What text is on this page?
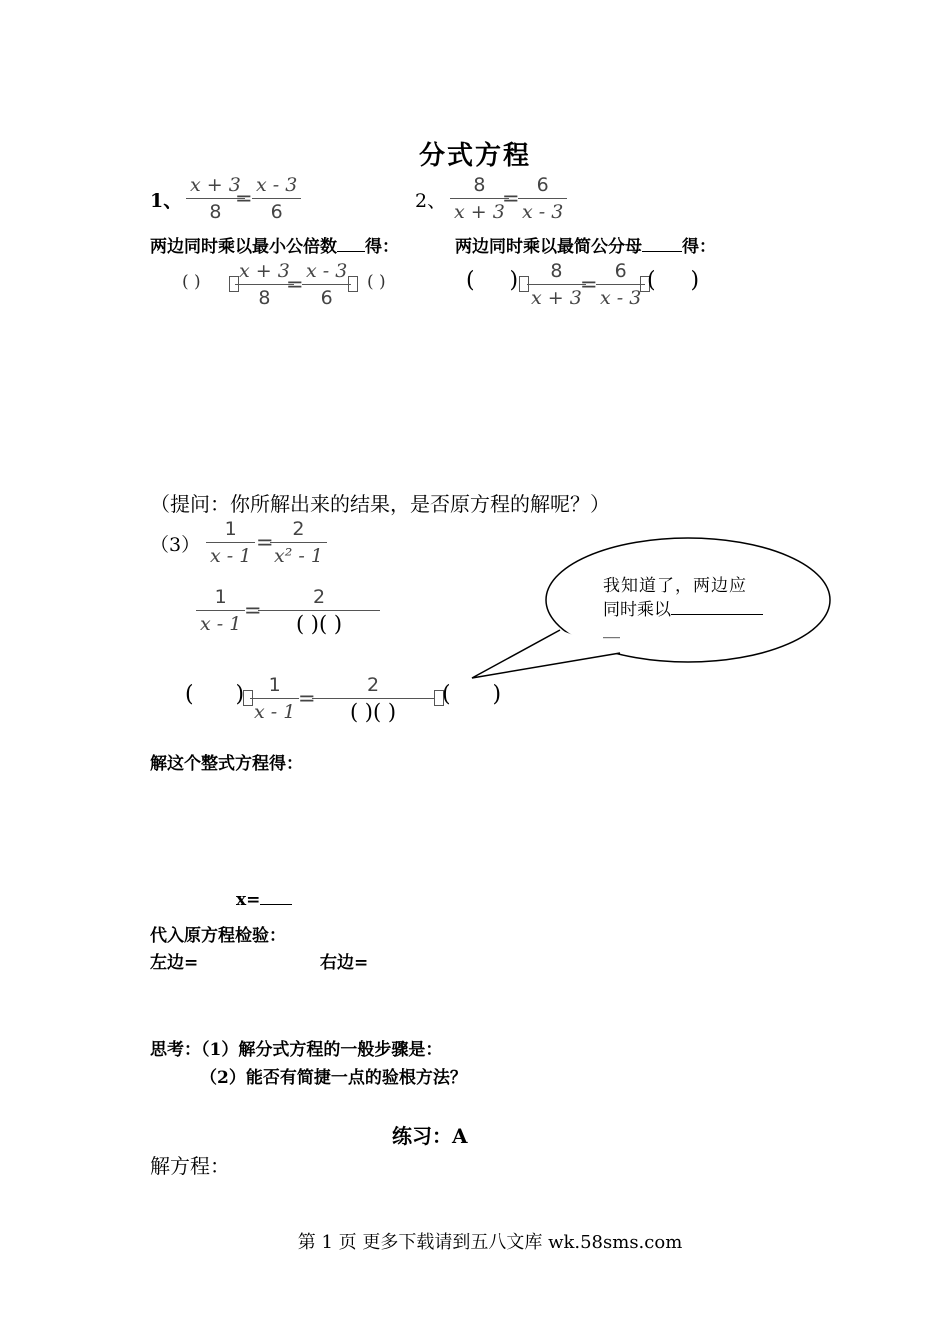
分式方程
1、 $\frac{x + 3}{8}$
= $\frac{x - 3}{6}$	2、 $\frac{8}{x + 3}$
=
$\frac{6}{x - 3}$
两边同时乘以最小公倍数 得：	两边同时乘以最简公分母 得：
( ) $\frac{x + 3}{8}$
=
$\frac{x - 3}{6}$ ( )	(     ) $\frac{8}{x + 3}$
=
$\frac{6}{x - 3}$ (     )
（提问：你所解出来的结果，是否原方程的解呢？）
$(3) \frac{1}{x - 1}$ =
$\frac{2}{\text{x² - 1}}$
$\frac{1}{x - 1}$
=
2
( )( )
(      ) $\frac{1}{x - 1}$
=
2
( )( )
(      )
我知道了，两边应
同时乘以
__
解这个整式方程得：
x=
代入原方程检验：
左边=	右边=
思考：（1）解分式方程的一般步骤是：
（2）能否有简捷一点的验根方法？
练习：A
解方程：
第 1 页 更多下载请到五八文库 wk.58sms.com
